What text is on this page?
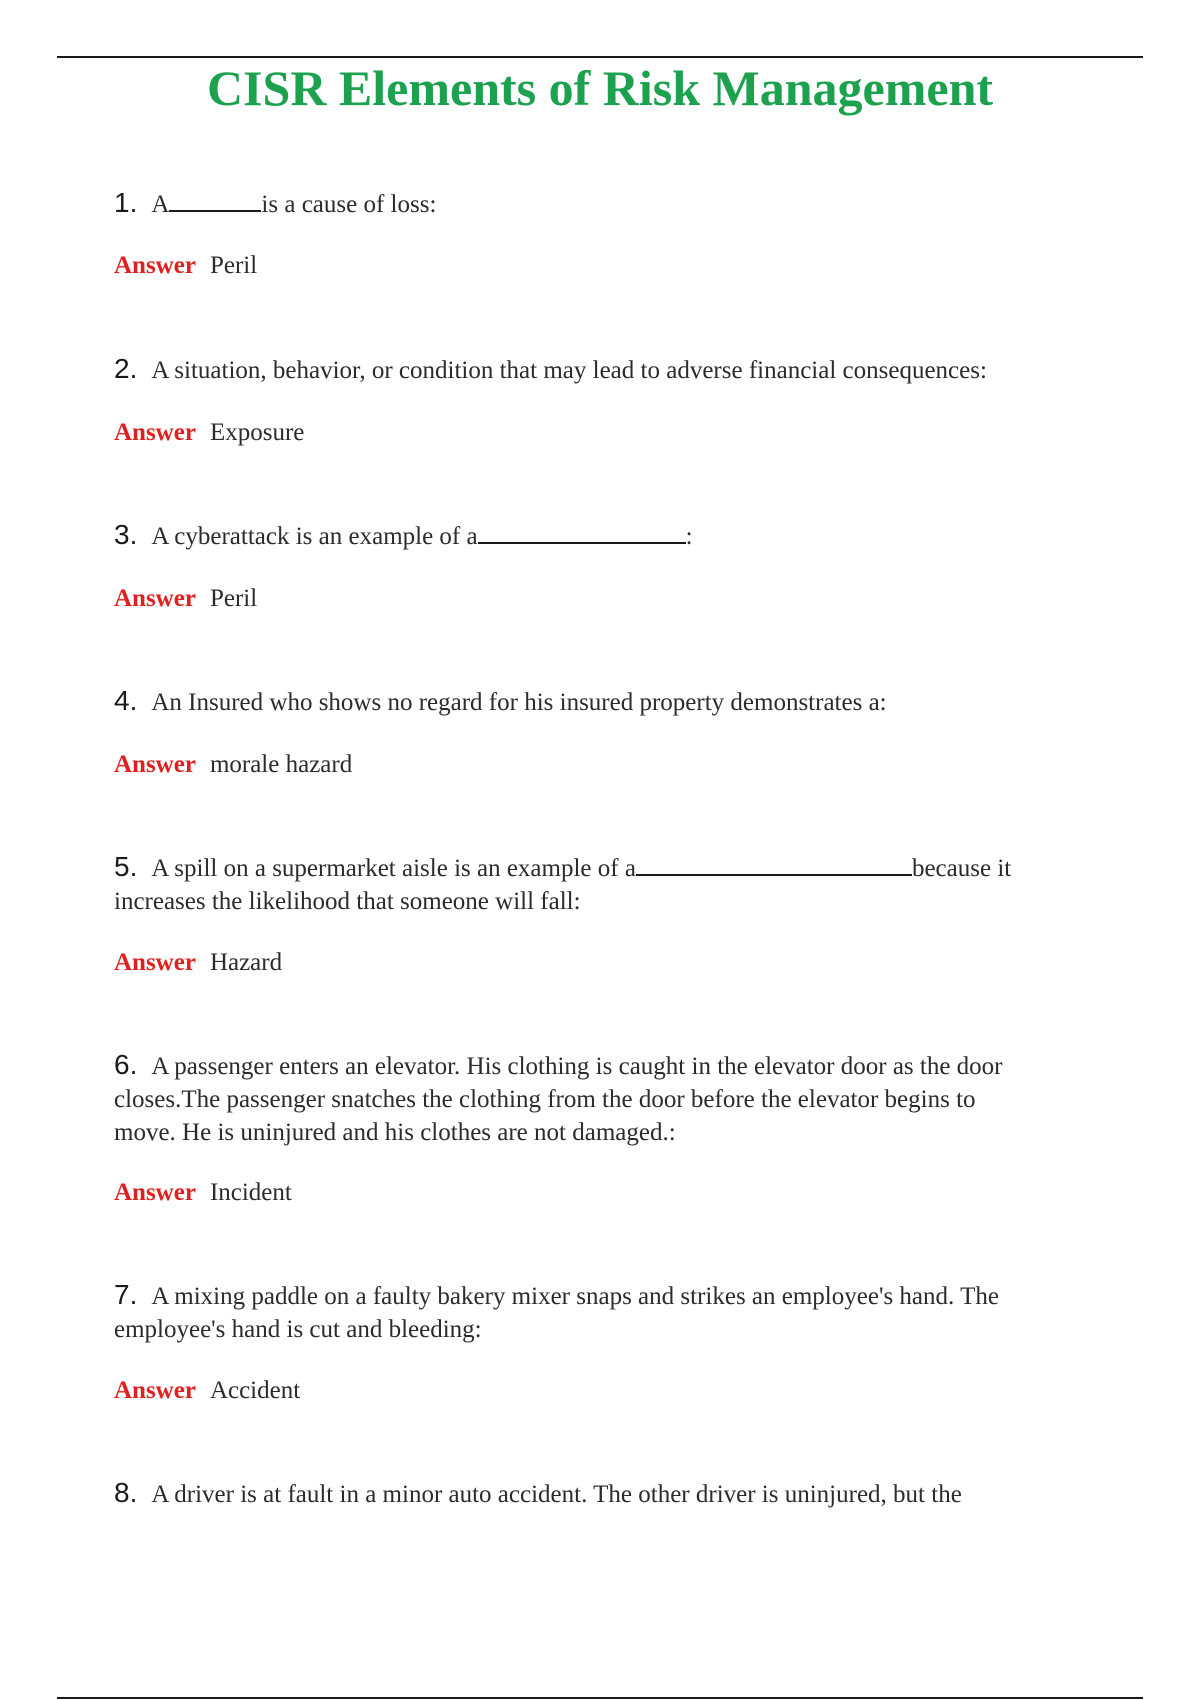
CISR Elements of Risk Management

1. A	is a cause of loss:

Answer Peril

2. A situation, behavior, or condition that may lead to adverse financial consequences:

Answer Exposure

3. A cyberattack is an example of a	:

Answer Peril

4. An Insured who shows no regard for his insured property demonstrates a:

Answer morale hazard

5. A spill on a supermarket aisle is an example of a	because it
increases the likelihood that someone will fall:

Answer Hazard

6. A passenger enters an elevator. His clothing is caught in the elevator door as the door
closes.The passenger snatches the clothing from the door before the elevator begins to
move. He is uninjured and his clothes are not damaged.:

Answer Incident

7. A mixing paddle on a faulty bakery mixer snaps and strikes an employee's hand. The
employee's hand is cut and bleeding:

Answer Accident

8. A driver is at fault in a minor auto accident. The other driver is uninjured, but the
